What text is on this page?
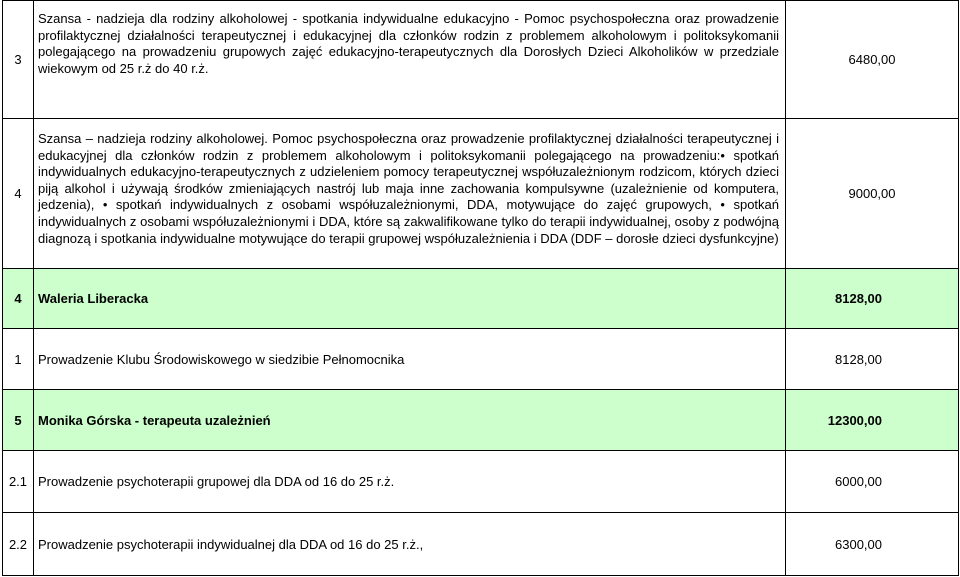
3	Szansa - nadzieja dla rodziny alkoholowej - spotkania indywidualne edukacyjno - Pomoc psychospołeczna oraz prowadzenie profilaktycznej działalności terapeutycznej i edukacyjnej dla członków rodzin z problemem alkoholowym i politoksykomanii polegającego na prowadzeniu grupowych zajęć edukacyjno-terapeutycznych dla Dorosłych Dzieci Alkoholików w przedziale wiekowym od 25 r.ż do 40 r.ż.	6480,00
4	Szansa – nadzieja rodziny alkoholowej. Pomoc psychospołeczna oraz prowadzenie profilaktycznej działalności terapeutycznej i edukacyjnej dla członków rodzin z problemem alkoholowym i politoksykomanii polegającego na prowadzeniu:• spotkań indywidualnych edukacyjno-terapeutycznych z udzieleniem pomocy terapeutycznej współuzależnionym rodzicom, których dzieci piją alkohol i używają środków zmieniających nastrój lub maja inne zachowania kompulsywne (uzależnienie od komputera, jedzenia), • spotkań indywidualnych z osobami współuzależnionymi, DDA, motywujące do zajęć grupowych, • spotkań indywidualnych z osobami współuzależnionymi i DDA, które są zakwalifikowane tylko do terapii indywidualnej, osoby z podwójną diagnozą i spotkania indywidualne motywujące do terapii grupowej współuzależnienia i DDA (DDF – dorosłe dzieci dysfunkcyjne)	9000,00
4	Waleria Liberacka	8128,00
1	Prowadzenie Klubu Środowiskowego w siedzibie Pełnomocnika	8128,00
5	Monika Górska - terapeuta uzależnień	12300,00
2.1	Prowadzenie psychoterapii grupowej dla DDA od 16 do 25 r.ż.	6000,00
2.2	Prowadzenie psychoterapii indywidualnej dla DDA od 16 do 25 r.ż.,	6300,00
